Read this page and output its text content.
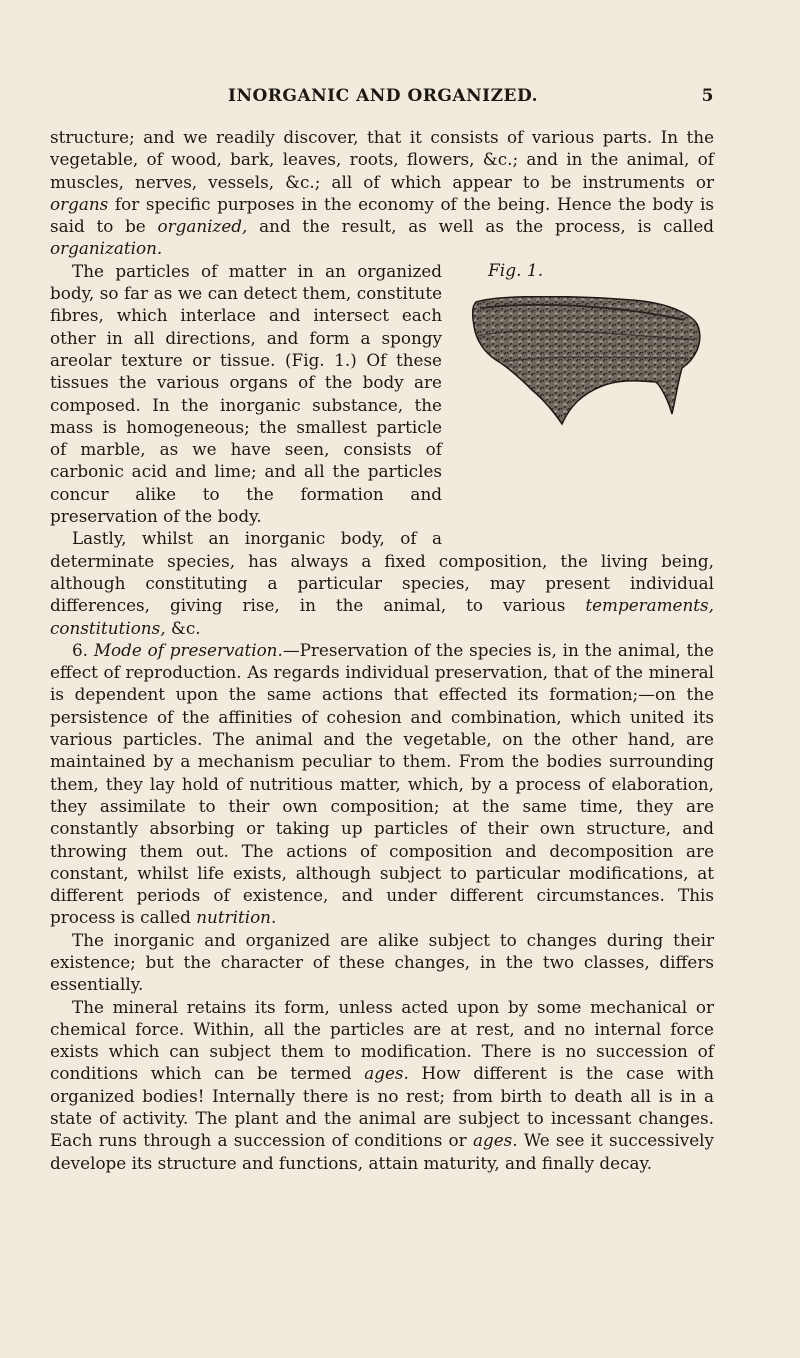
INORGANIC AND ORGANIZED.	5

structure; and we readily discover, that it consists of various parts. In the vegetable, of wood, bark, leaves, roots, flowers, &c.; and in the animal, of muscles, nerves, vessels, &c.; all of which appear to be instruments or organs for specific purposes in the economy of the being. Hence the body is said to be organized, and the result, as well as the process, is called organization.

Fig. 1.

The particles of matter in an organized body, so far as we can detect them, constitute fibres, which interlace and intersect each other in all directions, and form a spongy areolar texture or tissue. (Fig. 1.) Of these tissues the various organs of the body are composed. In the inorganic substance, the mass is homogeneous; the smallest particle of marble, as we have seen, consists of carbonic acid and lime; and all the particles concur alike to the formation and preservation of the body.

Lastly, whilst an inorganic body, of a determinate species, has always a fixed composition, the living being, although constituting a particular species, may present individual differences, giving rise, in the animal, to various temperaments, constitutions, &c.

6. Mode of preservation.—Preservation of the species is, in the animal, the effect of reproduction. As regards individual preservation, that of the mineral is dependent upon the same actions that effected its formation;—on the persistence of the affinities of cohesion and combination, which united its various particles. The animal and the vegetable, on the other hand, are maintained by a mechanism peculiar to them. From the bodies surrounding them, they lay hold of nutritious matter, which, by a process of elaboration, they assimilate to their own composition; at the same time, they are constantly absorbing or taking up particles of their own structure, and throwing them out. The actions of composition and decomposition are constant, whilst life exists, although subject to particular modifications, at different periods of existence, and under different circumstances. This process is called nutrition.

The inorganic and organized are alike subject to changes during their existence; but the character of these changes, in the two classes, differs essentially.

The mineral retains its form, unless acted upon by some mechanical or chemical force. Within, all the particles are at rest, and no internal force exists which can subject them to modification. There is no succession of conditions which can be termed ages. How different is the case with organized bodies! Internally there is no rest; from birth to death all is in a state of activity. The plant and the animal are subject to incessant changes. Each runs through a succession of conditions or ages. We see it successively develope its structure and functions, attain maturity, and finally decay.
